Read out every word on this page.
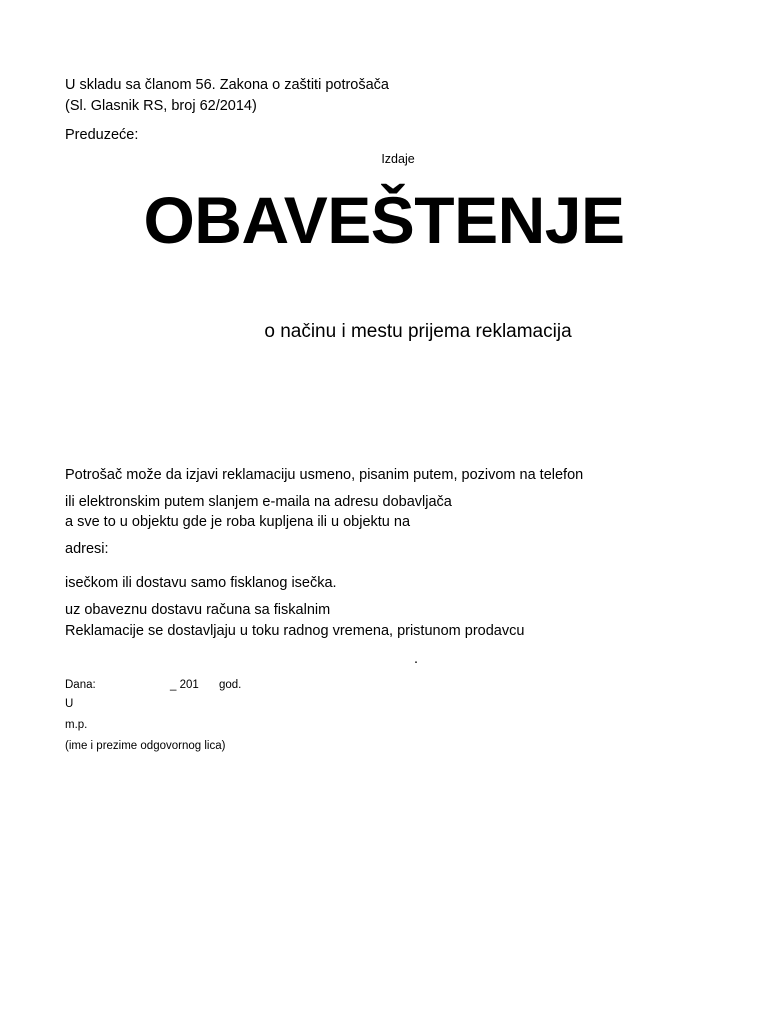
U skladu sa članom 56. Zakona o zaštiti potrošača
(Sl. Glasnik RS, broj 62/2014)
Preduzeće:
Izdaje
OBAVEŠTENJE
o načinu i mestu prijema reklamacija
Potrošač može da izjavi reklamaciju usmeno, pisanim putem, pozivom na telefon
ili elektronskim putem slanjem e-maila na adresu dobavljača
a sve to u objektu gde je roba kupljena ili u objektu na
adresi:
isečkom ili dostavu samo fisklanog isečka.
uz obaveznu dostavu računa sa fiskalnim
Reklamacije se dostavljaju u toku radnog vremena, pristunom prodavcu
.
Dana:	_ 201 god.
U
m.p.
(ime i prezime odgovornog lica)
